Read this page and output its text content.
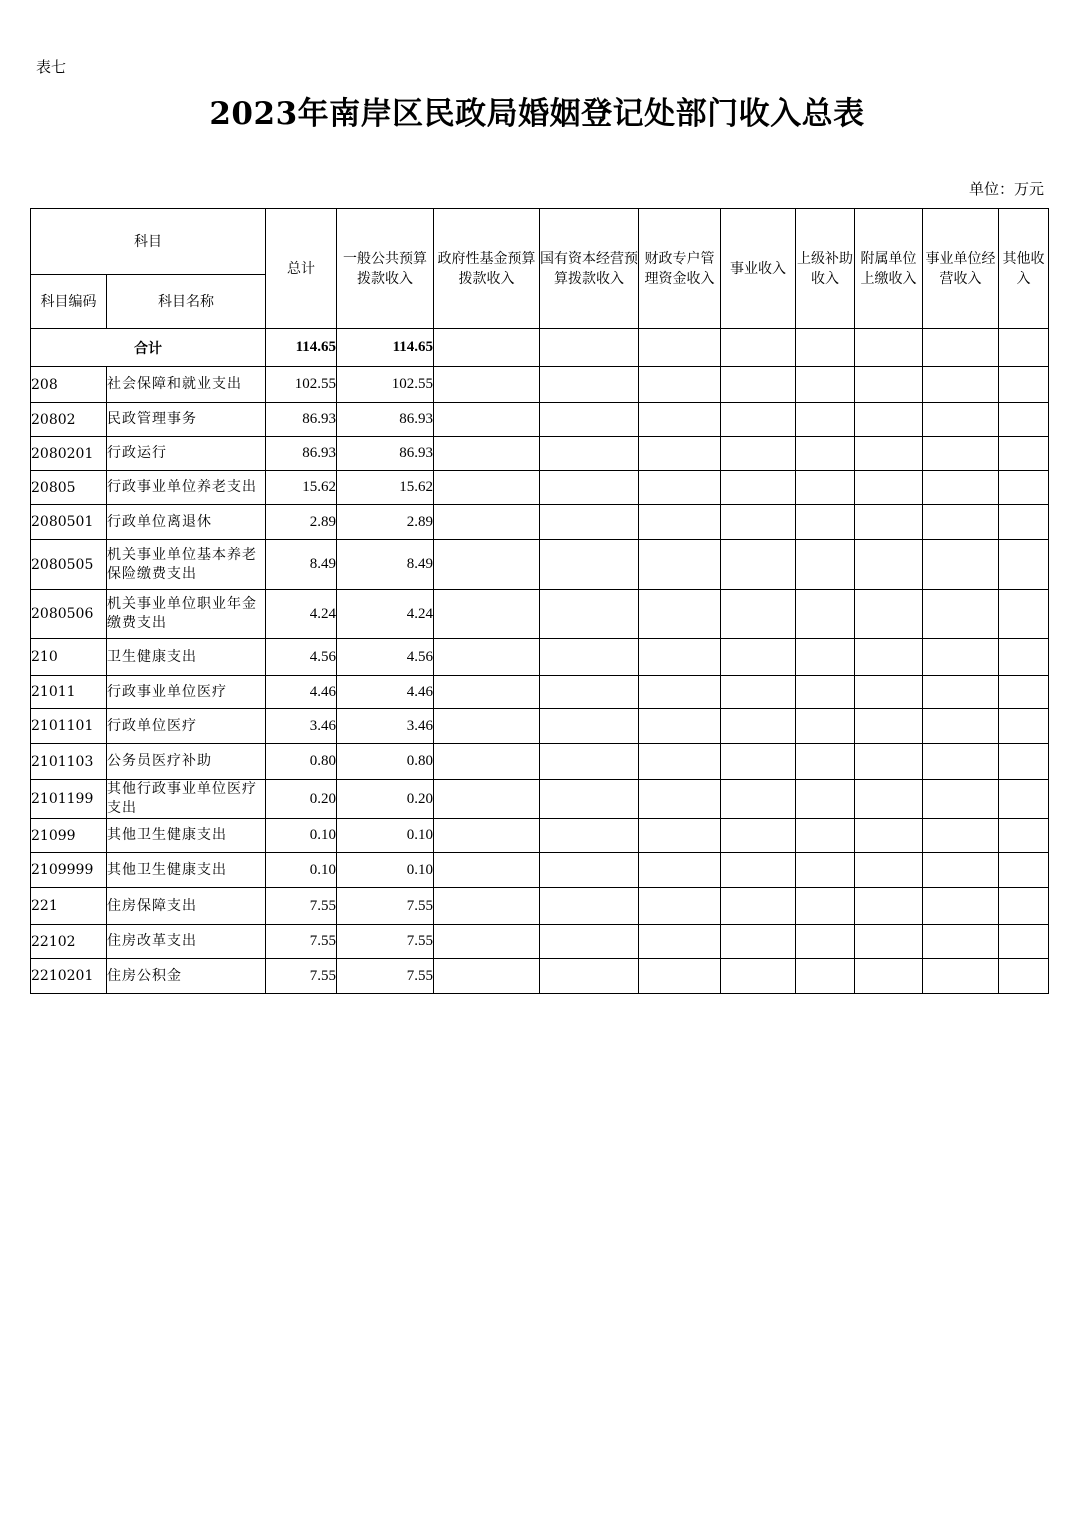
表七
2023年南岸区民政局婚姻登记处部门收入总表
单位：万元
科目		总计	一般公共预算拨款收入	政府性基金预算拨款收入	国有资本经营预算拨款收入	财政专户管理资金收入	事业收入	上级补助收入	附属单位上缴收入	事业单位经营收入	其他收入
科目编码	科目名称										
合计		114.65	114.65								
208	社会保障和就业支出	102.55	102.55								
20802	民政管理事务	86.93	86.93								
2080201	行政运行	86.93	86.93								
20805	行政事业单位养老支出	15.62	15.62								
2080501	行政单位离退休	2.89	2.89								
2080505	机关事业单位基本养老保险缴费支出	8.49	8.49								
2080506	机关事业单位职业年金缴费支出	4.24	4.24								
210	卫生健康支出	4.56	4.56								
21011	行政事业单位医疗	4.46	4.46								
2101101	行政单位医疗	3.46	3.46								
2101103	公务员医疗补助	0.80	0.80								
2101199	其他行政事业单位医疗支出	0.20	0.20								
21099	其他卫生健康支出	0.10	0.10								
2109999	其他卫生健康支出	0.10	0.10								
221	住房保障支出	7.55	7.55								
22102	住房改革支出	7.55	7.55								
2210201	住房公积金	7.55	7.55								
